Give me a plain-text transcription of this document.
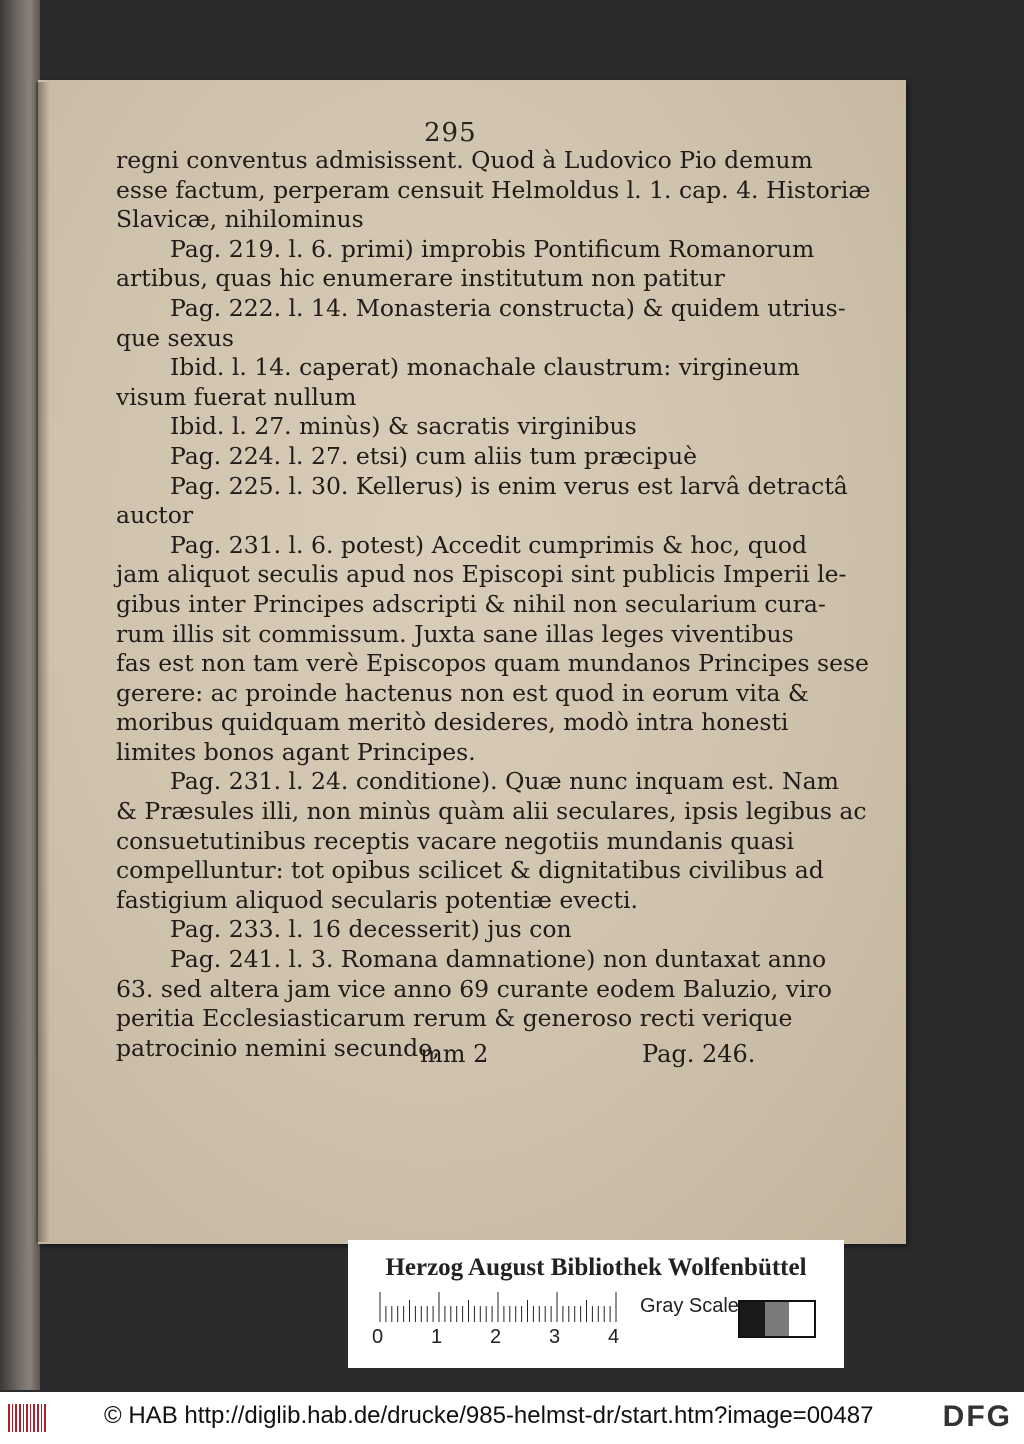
295
regni conventus admisissent. Quod à Ludovico Pio demum
esse factum, perperam censuit Helmoldus l. 1. cap. 4. Historiæ
Slavicæ, nihilominus
Pag. 219. l. 6. primi) improbis Pontificum Romanorum
artibus, quas hic enumerare institutum non patitur
Pag. 222. l. 14. Monasteria constructa) & quidem utrius-
que sexus
Ibid. l. 14. caperat) monachale claustrum: virgineum
visum fuerat nullum
Ibid. l. 27. minùs) & sacratis virginibus
Pag. 224. l. 27. etsi) cum aliis tum præcipuè
Pag. 225. l. 30. Kellerus) is enim verus est larvâ detractâ
auctor
Pag. 231. l. 6. potest) Accedit cumprimis & hoc, quod
jam aliquot seculis apud nos Episcopi sint publicis Imperii le-
gibus inter Principes adscripti & nihil non secularium cura-
rum illis sit commissum. Juxta sane illas leges viventibus
fas est non tam verè Episcopos quam mundanos Principes sese
gerere: ac proinde hactenus non est quod in eorum vita &
moribus quidquam meritò desideres, modò intra honesti
limites bonos agant Principes.
Pag. 231. l. 24. conditione). Quæ nunc inquam est. Nam
& Præsules illi, non minùs quàm alii seculares, ipsis legibus ac
consuetutinibus receptis vacare negotiis mundanis quasi
compelluntur: tot opibus scilicet & dignitatibus civilibus ad
fastigium aliquod secularis potentiæ evecti.
Pag. 233. l. 16 decesserit) jus con
Pag. 241. l. 3. Romana damnatione) non duntaxat anno
63. sed altera jam vice anno 69 curante eodem Baluzio, viro
peritia Ecclesiasticarum rerum & generoso recti verique
patrocinio nemini secundo,
mm 2	Pag. 246.
Herzog August Bibliothek Wolfenbüttel
0 1 2 3 4
Gray Scale
© HAB http://diglib.hab.de/drucke/985-helmst-dr/start.htm?image=00487 DFG
